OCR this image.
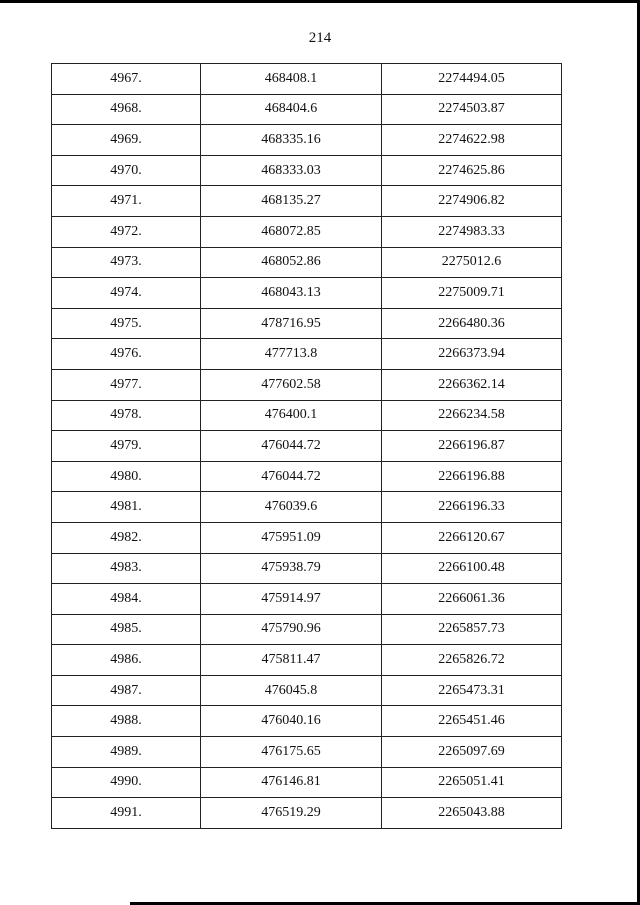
214
4967.	468408.1	2274494.05
4968.	468404.6	2274503.87
4969.	468335.16	2274622.98
4970.	468333.03	2274625.86
4971.	468135.27	2274906.82
4972.	468072.85	2274983.33
4973.	468052.86	2275012.6
4974.	468043.13	2275009.71
4975.	478716.95	2266480.36
4976.	477713.8	2266373.94
4977.	477602.58	2266362.14
4978.	476400.1	2266234.58
4979.	476044.72	2266196.87
4980.	476044.72	2266196.88
4981.	476039.6	2266196.33
4982.	475951.09	2266120.67
4983.	475938.79	2266100.48
4984.	475914.97	2266061.36
4985.	475790.96	2265857.73
4986.	475811.47	2265826.72
4987.	476045.8	2265473.31
4988.	476040.16	2265451.46
4989.	476175.65	2265097.69
4990.	476146.81	2265051.41
4991.	476519.29	2265043.88
